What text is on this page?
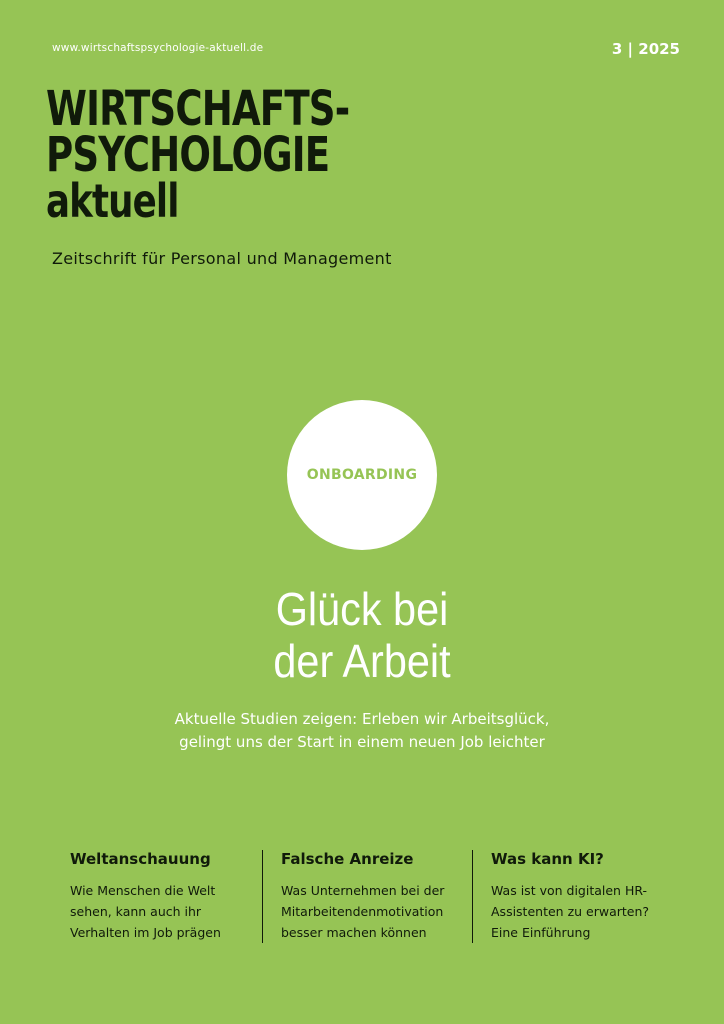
www.wirtschaftspsychologie-aktuell.de	3 | 2025
WIRTSCHAFTS-
PSYCHOLOGIE
aktuell
Zeitschrift für Personal und Management
ONBOARDING
Glück bei
der Arbeit
Aktuelle Studien zeigen: Erleben wir Arbeitsglück,
gelingt uns der Start in einem neuen Job leichter
Weltanschauung

Wie Menschen die Welt
sehen, kann auch ihr
Verhalten im Job prägen

Falsche Anreize

Was Unternehmen bei der
Mitarbeitendenmotivation
besser machen können

Was kann KI?

Was ist von digitalen HR-
Assistenten zu erwarten?
Eine Einführung
